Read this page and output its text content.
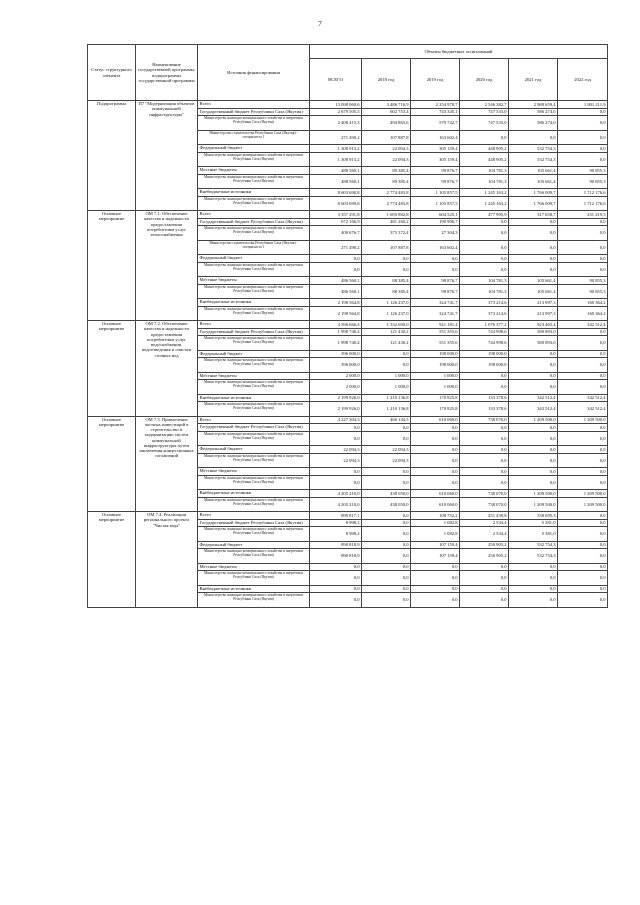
7
Статус структурного элемента	Наименование государственной программы, подпрограммы государственной программы	Источник финансирования	Объемы бюджетных ассигнований					
			ВСЕГО	2018 год	2019 год	2020 год	2021 год	2022 год
Подпрограмма	П7 "Модернизация объектов коммунальной инфраструктуры"	Всего	13 098 069,6	3 486 716,9	2 254 978,7	2 546 382,7	2 988 659,4	1 801 211,9
		Государственный бюджет Республики Саха (Якутия)	2 679 505,5	602 753,4	743 345,1	747 533,0	586 274,0	0,0
		Министерство жилищно-коммунального хозяйства и энергетики Республики Саха (Якутия)	2 408 415,3	494 865,6	579 742,7	747 533,0	586 274,0	0,0
		Министерство строительства Республики Саха (Якутия) - специалиста 1	271 490,2	107 887,8	163 602,4	0,0	0,0	0,0
		Федеральный бюджет	1 308 913,2	22 094,3	305 159,4	448 905,2	532 754,3	0,0
		Министерство жилищно-коммунального хозяйства и энергетики Республики Саха (Якутия)	1 308 913,2	22 094,3	305 159,4	448 905,2	532 754,3	0,0
		Местные бюджеты	488 560,1	89 385,4	99 876,7	104 781,3	105 661,4	90 855,3
		Министерство жилищно-коммунального хозяйства и энергетики Республики Саха (Якутия)	488 560,1	89 385,4	99 876,7	104 781,3	105 661,4	90 855,3
		Внебюджетные источники	8 603 690,8	2 774 483,8	1 105 857,5	1 245 163,2	1 766 009,7	1 712 176,6
		Министерство жилищно-коммунального хозяйства и энергетики Республики Саха (Якутия)	8 603 690,8	2 774 483,8	1 105 857,5	1 245 163,2	1 766 009,7	1 712 176,6
Основное мероприятие	ОМ 7.1. Обеспечение качества и надежности предоставления потребителям услуг теплоснабжения	Всего	3 357 291,8	1 695 882,8	604 525,1	477 995,9	317 658,7	251 219,5
		Государственный бюджет Республики Саха (Якутия)	672 166,9	481 260,2	190 906,7	0,0	0,0	0,0
		Министерство жилищно-коммунального хозяйства и энергетики Республики Саха (Якутия)	400 676,7	373 372,4	27 304,3	0,0	0,0	0,0
		Министерство строительства Республики Саха (Якутия) - специалиста 1	271 490,2	107 887,8	163 602,4	0,0	0,0	0,0
		Федеральный бюджет	0,0	0,0	0,0	0,0	0,0	0,0
		Министерство жилищно-коммунального хозяйства и энергетики Республики Саха (Якутия)	0,0	0,0	0,0	0,0	0,0	0,0
		Местные бюджеты	486 560,1	88 385,4	98 876,7	104 781,3	105 661,4	90 855,3
		Министерство жилищно-коммунального хозяйства и энергетики Республики Саха (Якутия)	486 560,1	88 385,4	98 876,7	104 781,3	105 661,4	90 855,3
		Внебюджетные источники	2 198 564,8	1 126 237,0	324 741,7	373 214,6	213 997,3	160 364,2
		Министерство жилищно-коммунального хозяйства и энергетики Республики Саха (Якутия)	2 198 564,8	1 126 237,0	324 741,7	373 214,6	213 997,3	160 364,2
Основное мероприятие	ОМ 7.2. Обеспечение качества и надежности предоставления потребителям услуг водоснабжения, водоотведения и очистки сточных вод	Всего	4 596 666,4	1 332 690,0	921 181,4	1 076 377,2	923 465,4	342 512,4
		Государственный бюджет Республики Саха (Якутия)	1 998 740,4	121 430,2	551 355,6	744 998,6	580 893,0	0,0
		Министерство жилищно-коммунального хозяйства и энергетики Республики Саха (Якутия)	1 998 740,4	121 430,2	551 355,6	744 998,6	580 893,0	0,0
		Федеральный бюджет	396 000,0	0,0	198 000,0	198 000,0	0,0	0,0
		Министерство жилищно-коммунального хозяйства и энергетики Республики Саха (Якутия)	396 000,0	0,0	198 000,0	198 000,0	0,0	0,0
		Местные бюджеты	2 000,0	1 000,0	1 000,0	0,0	0,0	0,0
		Министерство жилищно-коммунального хозяйства и энергетики Республики Саха (Якутия)	2 000,0	1 000,0	1 000,0	0,0	0,0	0,0
		Внебюджетные источники	2 199 926,0	1 210 136,8	170 825,8	133 378,6	342 512,4	342 512,4
		Министерство жилищно-коммунального хозяйства и энергетики Республики Саха (Якутия)	2 199 926,0	1 210 136,8	170 825,8	133 378,6	342 512,4	342 512,4
Основное мероприятие	ОМ 7.3. Привлечение частных инвестиций в строительство и модернизацию систем коммунальной инфраструктуры путем заключения концессионных соглашений	Всего	4 227 304,3	460 144,3	610 060,0	738 070,0	1 209 500,0	1 209 500,0
		Государственный бюджет Республики Саха (Якутия)	0,0	0,0	0,0	0,0	0,0	0,0
		Министерство жилищно-коммунального хозяйства и энергетики Республики Саха (Якутия)	0,0	0,0	0,0	0,0	0,0	0,0
		Федеральный бюджет	22 094,3	22 094,3	0,0	0,0	0,0	0,0
		Министерство жилищно-коммунального хозяйства и энергетики Республики Саха (Якутия)	22 094,3	22 094,3	0,0	0,0	0,0	0,0
		Местные бюджеты	0,0	0,0	0,0	0,0	0,0	0,0
		Министерство жилищно-коммунального хозяйства и энергетики Республики Саха (Якутия)	0,0	0,0	0,0	0,0	0,0	0,0
		Внебюджетные источники	4 205 210,0	438 050,0	610 060,0	738 070,0	1 209 500,0	1 209 500,0
		Министерство жилищно-коммунального хозяйства и энергетики Республики Саха (Якутия)	4 205 210,0	438 050,0	610 060,0	738 070,0	1 209 500,0	1 209 500,0
Основное мероприятие	ОМ 7.4. Реализация регионального проекта "Чистая вода"	Всего	899 817,1	0,0	108 752,2	251 439,8	538 695,3	0,0
		Государственный бюджет Республики Саха (Якутия)	8 998,2	0,0	1 082,8	2 534,4	5 381,0	0,0
		Министерство жилищно-коммунального хозяйства и энергетики Республики Саха (Якутия)	8 998,2	0,0	1 082,8	2 534,4	5 381,0	0,0
		Федеральный бюджет	890 818,9	0,0	107 159,4	250 905,2	532 754,3	0,0
		Министерство жилищно-коммунального хозяйства и энергетики Республики Саха (Якутия)	890 818,9	0,0	107 159,4	250 905,2	532 754,3	0,0
		Местные бюджеты	0,0	0,0	0,0	0,0	0,0	0,0
		Министерство жилищно-коммунального хозяйства и энергетики Республики Саха (Якутия)	0,0	0,0	0,0	0,0	0,0	0,0
		Внебюджетные источники	0,0	0,0	0,0	0,0	0,0	0,0
		Министерство жилищно-коммунального хозяйства и энергетики Республики Саха (Якутия)	0,0	0,0	0,0	0,0	0,0	0,0
